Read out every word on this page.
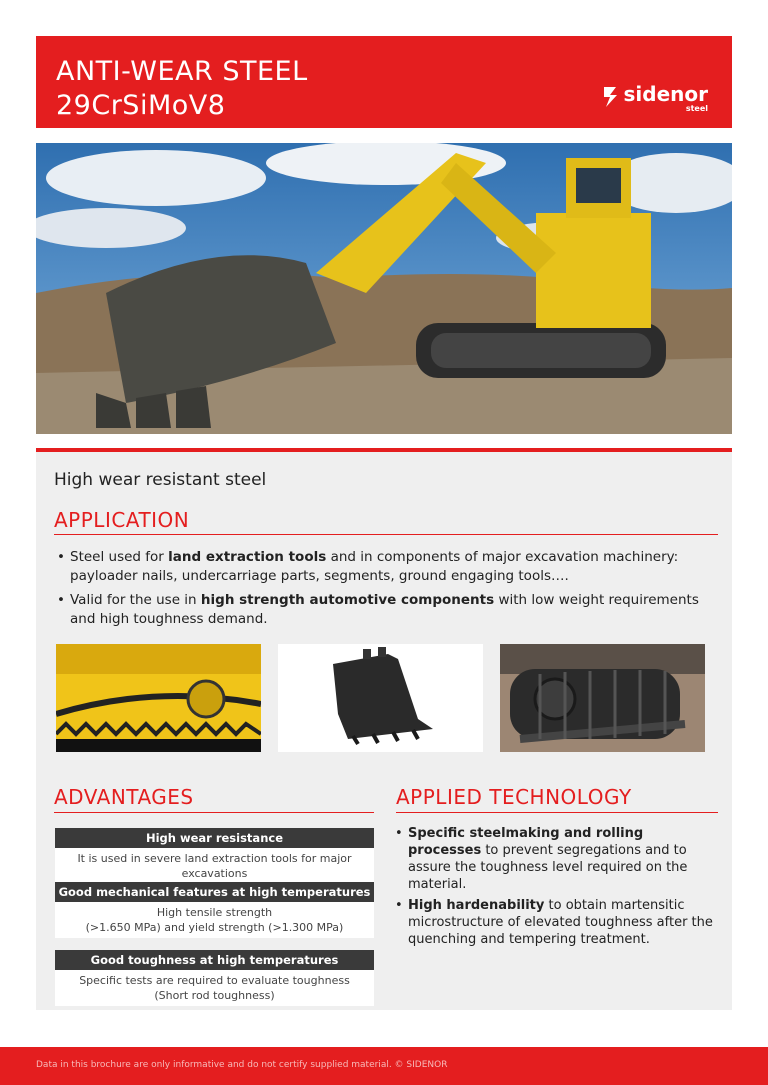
ANTI-WEAR STEEL
29CrSiMoV8	sidenor
steel
High wear resistant steel
APPLICATION
• Steel used for land extraction tools and in components of major excavation machinery: payloader nails, undercarriage parts, segments, ground engaging tools….
• Valid for the use in high strength automotive components with low weight requirements and high toughness demand.
ADVANTAGES	APPLIED TECHNOLOGY
High wear resistance
It is used in severe land extraction tools for major excavations
Good mechanical features at high temperatures
High tensile strength
(>1.650 MPa) and yield strength (>1.300 MPa)
Good toughness at high temperatures
Specific tests are required to evaluate toughness
(Short rod toughness)
• Specific steelmaking and rolling processes to prevent segregations and to assure the toughness level required on the material.
• High hardenability to obtain martensitic microstructure of elevated toughness after the quenching and tempering treatment.
Data in this brochure are only informative and do not certify supplied material. © SIDENOR
